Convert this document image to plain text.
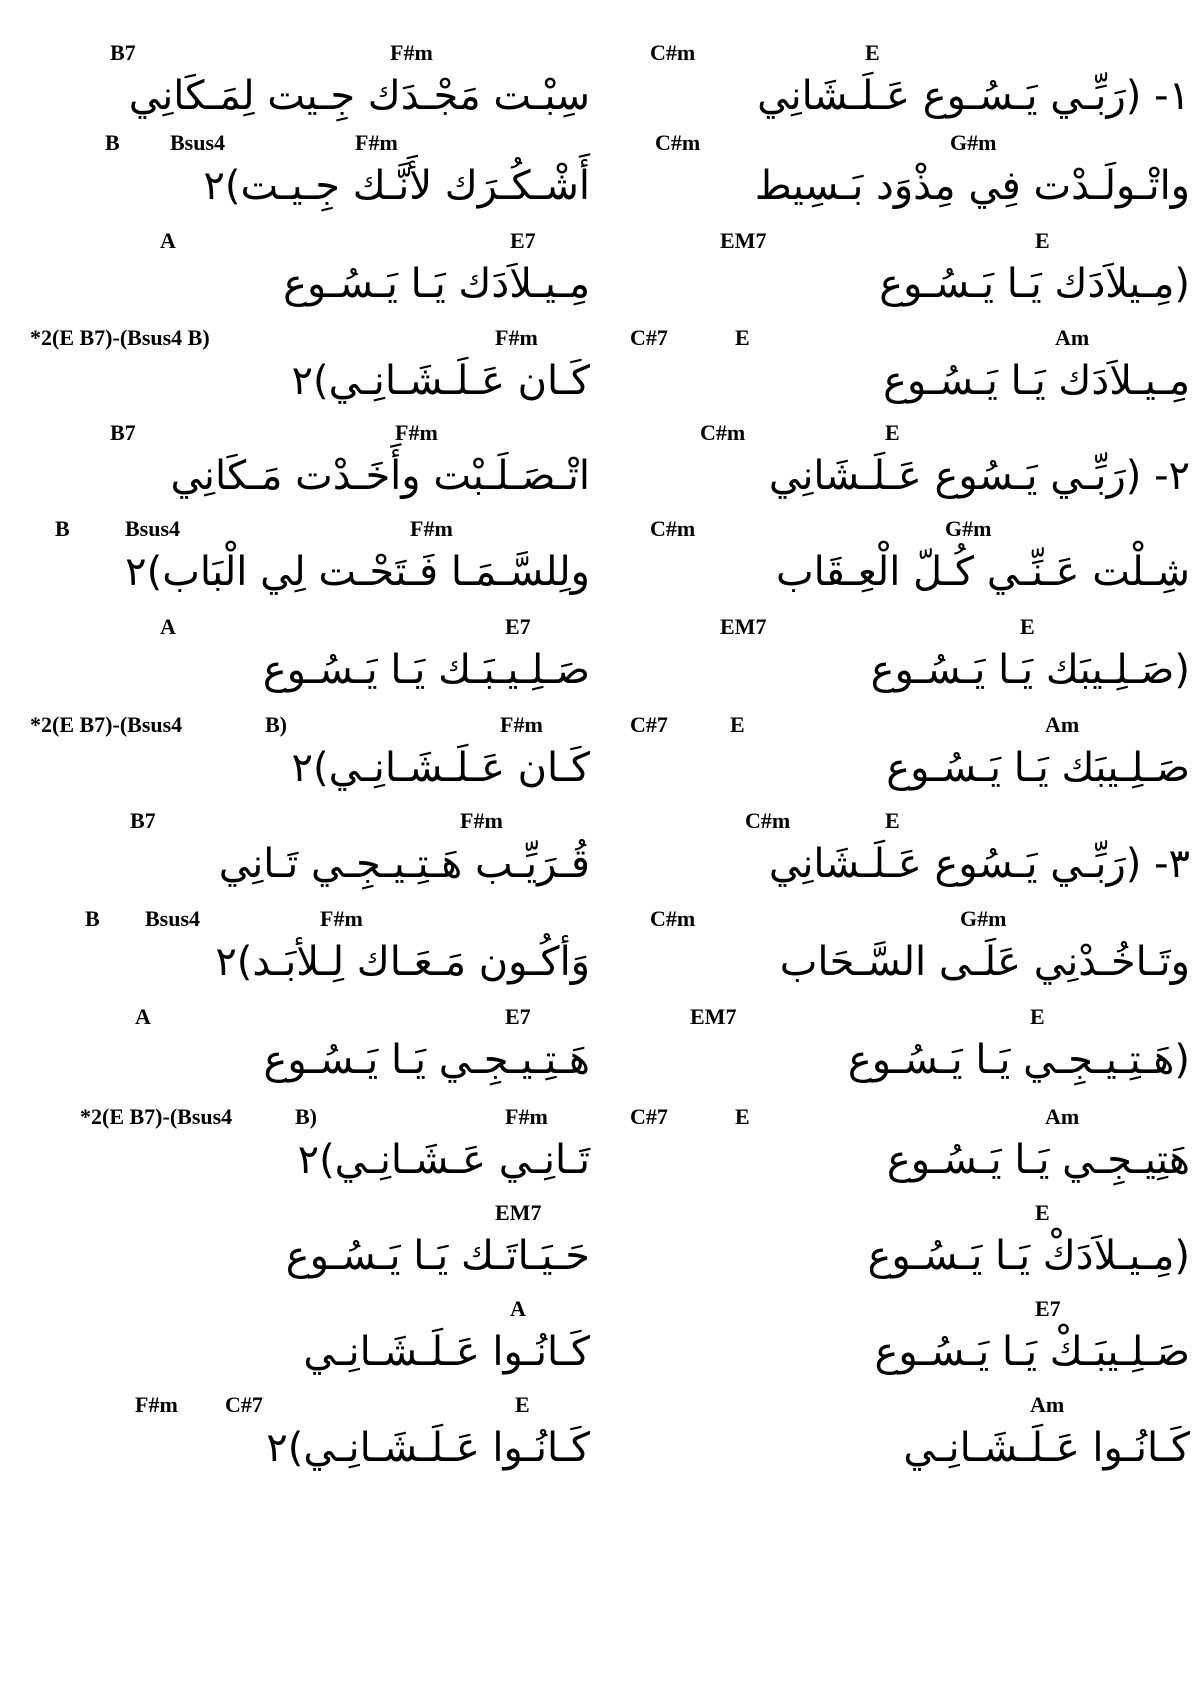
C#m	E
١- (رَبِّـي يَـسُـوع عَـلَـشَانِي
C#m	G#m
واتْـولَـدْت فِي مِذْوَد بَـسِيط
EM7	E
(مِـيلاَدَك يَـا يَـسُـوع
C#7	E	Am
مِـيـلاَدَك يَـا يَـسُـوع
C#m	E
٢- (رَبِّـي يَـسُوع عَـلَـشَانِي
C#m	G#m
شِـلْت عَـنِّـي كُـلّ الْعِـقَاب
EM7	E
(صَـلِـيبَك يَـا يَـسُـوع
C#7	E	Am
صَـلِـيبَك يَـا يَـسُـوع
C#m	E
٣- (رَبِّـي يَـسُوع عَـلَـشَانِي
C#m	G#m
وتَـاخُـدْنِي عَلَـى السَّـحَاب
EM7	E
(هَـتِـيـجِـي يَـا يَـسُـوع
C#7	E	Am
هَتِيـجِـي يَـا يَـسُـوع
E
(مِـيـلاَدَكْ يَـا يَـسُـوع
E7
صَـلِـيبَـكْ يَـا يَـسُـوع
Am
كَـانُـوا عَـلَـشَـانِـي
B7	F#m
سِبْـت مَجْـدَك جِـيت لِمَـكَانِي
B Bsus4	F#m
أَشْـكُـرَك لأَنَّـك جِـيـت)٢
A	E7
مِـيـلاَدَك يَـا يَـسُـوع
*2(E B7)-(Bsus4 B)	F#m
كَـان عَـلَـشَـانِـي)٢
B7	F#m
اتْـصَـلَـبْت وأَخَـدْت مَـكَانِي
B	Bsus4	F#m
ولِلسَّـمَـا فَـتَحْـت لِي الْبَاب)٢
A	E7
صَـلِـيـبَـك يَـا يَـسُـوع
*2(E B7)-(Bsus4	B)	F#m
كَـان عَـلَـشَـانِـي)٢
B7	F#m
قُـرَيِّـب هَـتِـيـجِـي تَـانِي
B Bsus4	F#m
وَأكُـون مَـعَـاك لِـلأبَـد)٢
A	E7
هَـتِـيـجِـي يَـا يَـسُـوع
*2(E B7)-(Bsus4	B)	F#m
تَـانِـي عَـشَـانِـي)٢
EM7
حَـيَـاتَـك يَـا يَـسُـوع
A
كَـانُـوا عَـلَـشَـانِـي
F#m C#7	E
كَـانُـوا عَـلَـشَـانِـي)٢
